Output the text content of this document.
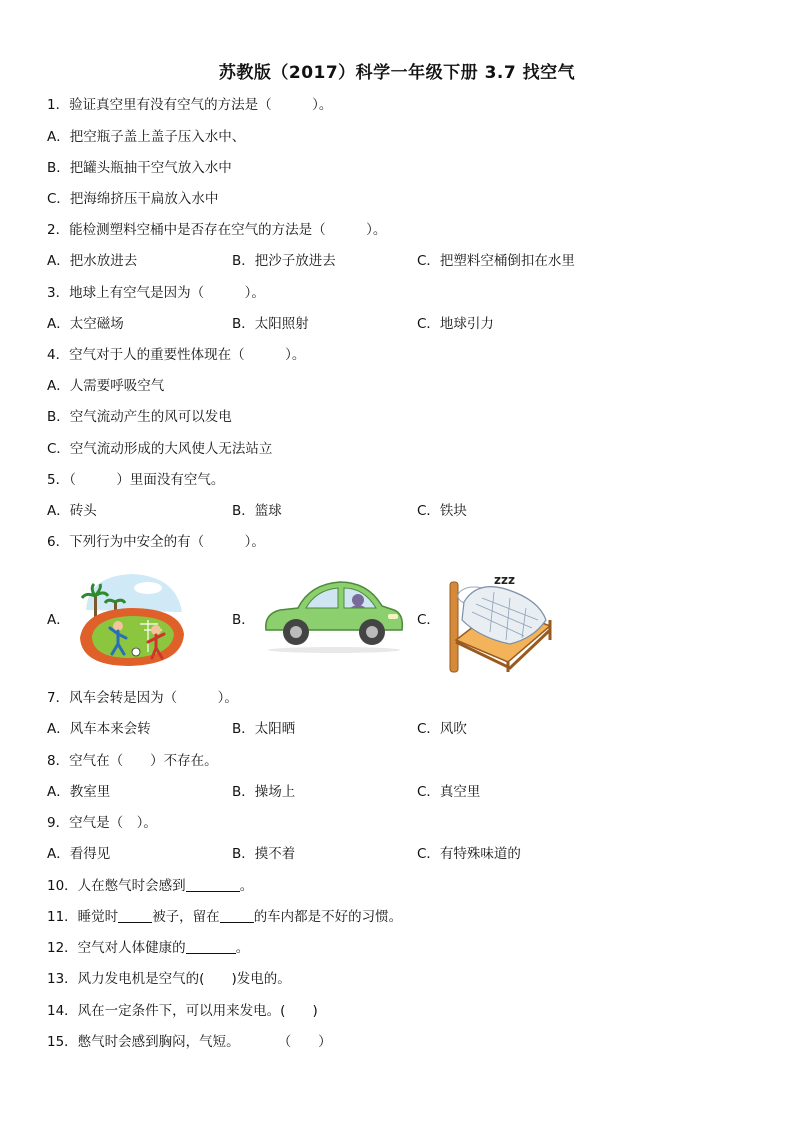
苏教版（2017）科学一年级下册 3.7 找空气
1．验证真空里有没有空气的方法是（　　　）。
A．把空瓶子盖上盖子压入水中、
B．把罐头瓶抽干空气放入水中
C．把海绵挤压干扁放入水中
2．能检测塑料空桶中是否存在空气的方法是（　　　）。
A．把水放进去	B．把沙子放进去	C．把塑料空桶倒扣在水里
3．地球上有空气是因为（　　　）。
A．太空磁场	B．太阳照射	C．地球引力
4．空气对于人的重要性体现在（　　　）。
A．人需要呼吸空气
B．空气流动产生的风可以发电
C．空气流动形成的大风使人无法站立
5．（　　　）里面没有空气。
A．砖头	B．篮球	C．铁块
6．下列行为中安全的有（　　　）。
A．	B．	C．
zzz
7．风车会转是因为（　　　）。
A．风车本来会转	B．太阳晒	C．风吹
8．空气在（　　）不存在。
A．教室里	B．操场上	C．真空里
9．空气是（　）。
A．看得见	B．摸不着	C．有特殊味道的
10．人在憋气时会感到	。
11．睡觉时	被子，留在	的车内都是不好的习惯。
12．空气对人体健康的	。
13．风力发电机是空气的(　　)发电的。
14．风在一定条件下，可以用来发电。(　　)
15．憋气时会感到胸闷，气短。	（　　）
